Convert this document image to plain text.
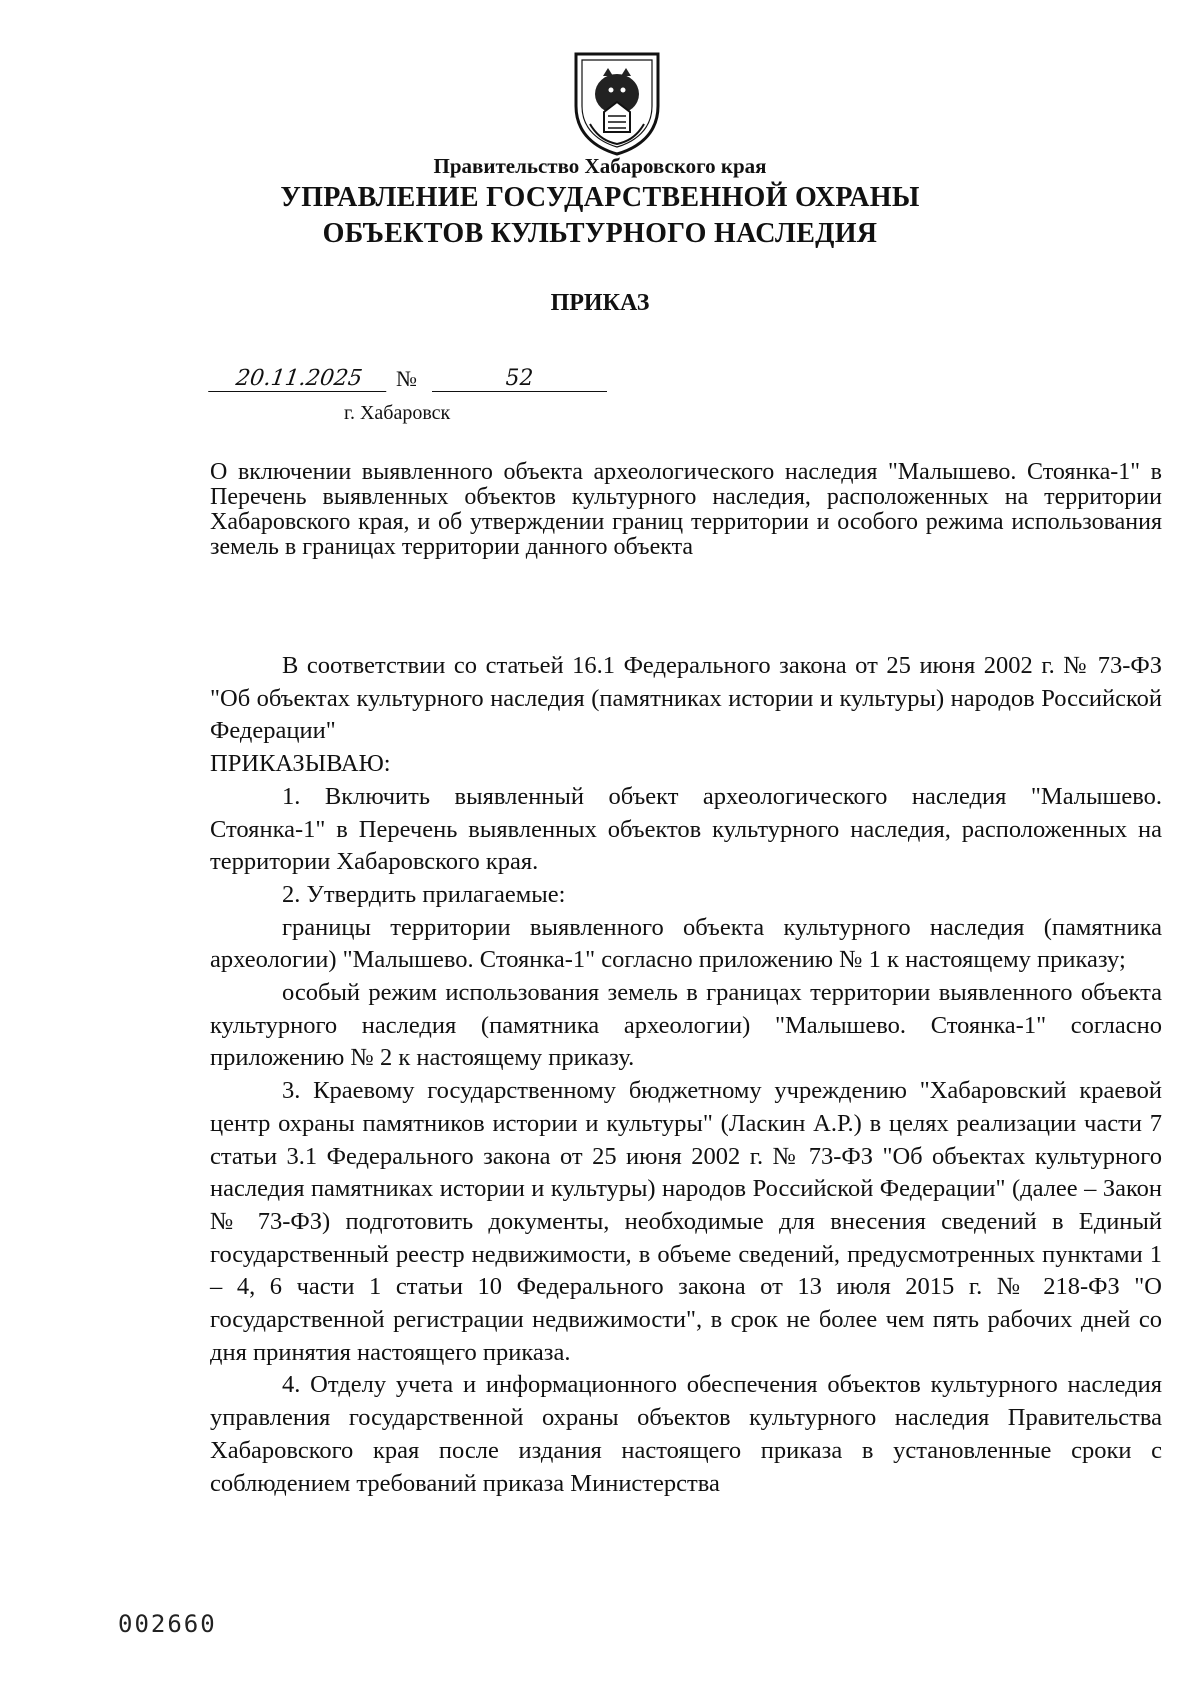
Правительство Хабаровского края
УПРАВЛЕНИЕ ГОСУДАРСТВЕННОЙ ОХРАНЫ
ОБЪЕКТОВ КУЛЬТУРНОГО НАСЛЕДИЯ
ПРИКАЗ
20.11.2025	№	52
г. Хабаровск
О включении выявленного объекта археологического наследия "Малышево. Стоянка-1" в Перечень выявленных объектов культурного наследия, расположенных на территории Хабаровского края, и об утверждении границ территории и особого режима использования земель в границах территории данного объекта

В соответствии со статьей 16.1 Федерального закона от 25 июня 2002 г. № 73-ФЗ "Об объектах культурного наследия (памятниках истории и культуры) народов Российской Федерации"

ПРИКАЗЫВАЮ:

1. Включить выявленный объект археологического наследия "Малышево. Стоянка-1" в Перечень выявленных объектов культурного наследия, расположенных на территории Хабаровского края.

2. Утвердить прилагаемые:

границы территории выявленного объекта культурного наследия (памятника археологии) "Малышево. Стоянка-1" согласно приложению № 1 к настоящему приказу;

особый режим использования земель в границах территории выявленного объекта культурного наследия (памятника археологии) "Малышево. Стоянка-1" согласно приложению № 2 к настоящему приказу.

3. Краевому государственному бюджетному учреждению "Хабаровский краевой центр охраны памятников истории и культуры" (Ласкин А.Р.) в целях реализации части 7 статьи 3.1 Федерального закона от 25 июня 2002 г. № 73-ФЗ "Об объектах культурного наследия памятниках истории и культуры) народов Российской Федерации" (далее – Закон № 73-ФЗ) подготовить документы, необходимые для внесения сведений в Единый государственный реестр недвижимости, в объеме сведений, предусмотренных пунктами 1 – 4, 6 части 1 статьи 10 Федерального закона от 13 июля 2015 г. № 218-ФЗ "О государственной регистрации недвижимости", в срок не более чем пять рабочих дней со дня принятия настоящего приказа.

4. Отделу учета и информационного обеспечения объектов культурного наследия управления государственной охраны объектов культурного наследия Правительства Хабаровского края после издания настоящего приказа в установленные сроки с соблюдением требований приказа Министерства

002660
